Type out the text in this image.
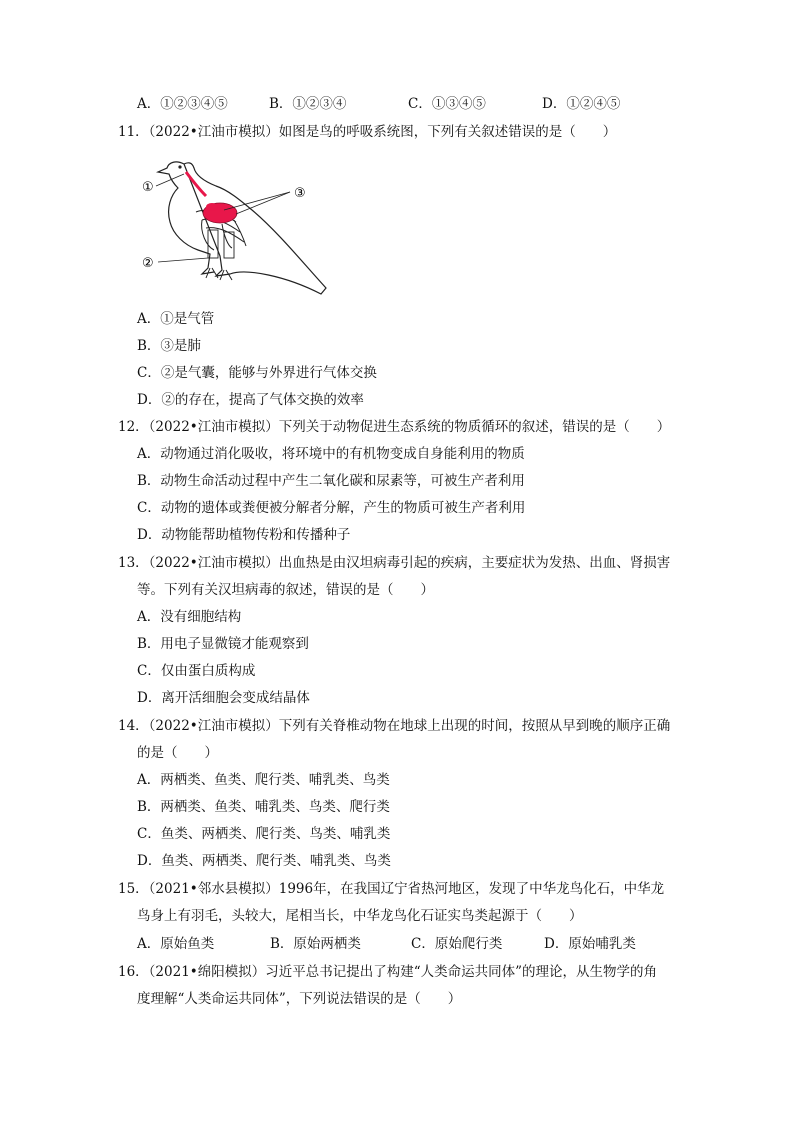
A．①②③④⑤	B．①②③④	C．①③④⑤	D．①②④⑤
11．（2022•江油市模拟）如图是鸟的呼吸系统图，下列有关叙述错误的是（　　）
①	③
②
A．①是气管
B．③是肺
C．②是气囊，能够与外界进行气体交换
D．②的存在，提高了气体交换的效率
12．（2022•江油市模拟）下列关于动物促进生态系统的物质循环的叙述，错误的是（　　）
A．动物通过消化吸收，将环境中的有机物变成自身能利用的物质
B．动物生命活动过程中产生二氧化碳和尿素等，可被生产者利用
C．动物的遗体或粪便被分解者分解，产生的物质可被生产者利用
D．动物能帮助植物传粉和传播种子
13．（2022•江油市模拟）出血热是由汉坦病毒引起的疾病，主要症状为发热、出血、肾损害
等。下列有关汉坦病毒的叙述，错误的是（　　）
A．没有细胞结构
B．用电子显微镜才能观察到
C．仅由蛋白质构成
D．离开活细胞会变成结晶体
14．（2022•江油市模拟）下列有关脊椎动物在地球上出现的时间，按照从早到晚的顺序正确
的是（　　）
A．两栖类、鱼类、爬行类、哺乳类、鸟类
B．两栖类、鱼类、哺乳类、鸟类、爬行类
C．鱼类、两栖类、爬行类、鸟类、哺乳类
D．鱼类、两栖类、爬行类、哺乳类、鸟类
15．（2021•邻水县模拟）1996年，在我国辽宁省热河地区，发现了中华龙鸟化石，中华龙
鸟身上有羽毛，头较大，尾相当长，中华龙鸟化石证实鸟类起源于（　　）
A．原始鱼类	B．原始两栖类	C．原始爬行类	D．原始哺乳类
16．（2021•绵阳模拟）习近平总书记提出了构建“人类命运共同体”的理论，从生物学的角
度理解“人类命运共同体”，下列说法错误的是（　　）
